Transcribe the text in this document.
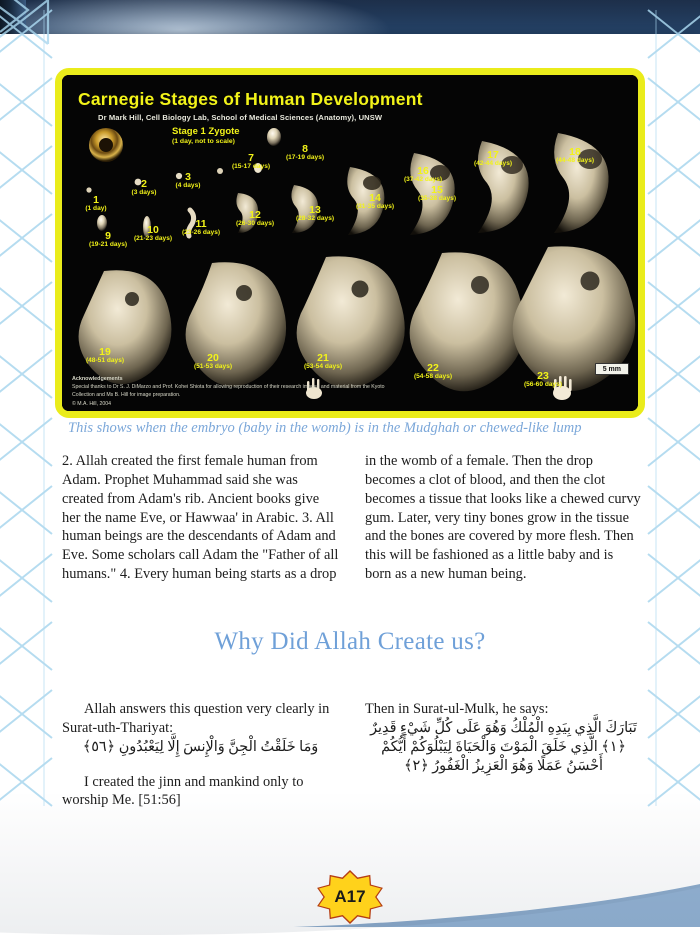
Carnegie Stages of Human Development
Dr Mark Hill, Cell Biology Lab, School of Medical Sciences (Anatomy), UNSW
Stage 1 Zygote
(1 day, not to scale)
1
(1 day)
2
(3 days)
3
(4 days)
7
(15-17 days)
8
(17-19 days)
16
(37-42 days)
17
(42-44 days)
18
(44-48 days)
9
(19-21 days)
10
(21-23 days)
11
(23-26 days)
12
(26-30 days)
13
(28-32 days)
14
(31-35 days)
15
(35-38 days)
19
(48-51 days)	20
(51-53 days)
21
(53-54 days)	22
(54-58 days)	23
(56-60 days)
Acknowledgements
Special thanks to Dr S. J. DiMarzo and Prof. Kohei Shiota for allowing reproduction of their research images and material from the Kyoto Collection and Ms B. Hill for image preparation.
© M.A. Hill, 2004
5 mm
This shows when the embryo (baby in the womb) is in the Mudghah or chewed-like lump

2. Allah created the first female human from Adam. Prophet Muhammad said she was created from Adam's rib. Ancient books give her the name Eve, or Hawwaa' in Arabic. 3. All human beings are the descendants of Adam and Eve. Some scholars call Adam the "Father of all humans." 4. Every human being starts as a drop

in the womb of a female. Then the drop becomes a clot of blood, and then the clot becomes a tissue that looks like a chewed curvy gum. Later, very tiny bones grow in the tissue and the bones are covered by more flesh. Then this will be fashioned as a little baby and is born as a new human being.

Why Did Allah Create us?

Allah answers this question very clearly in Surat-uth-Thariyat:

وَمَا خَلَقْتُ الْجِنَّ وَالْإِنسَ إِلَّا لِيَعْبُدُونِ ﴿٥٦﴾

I created the jinn and mankind only to worship Me. [51:56]

Then in Surat-ul-Mulk, he says:

تَبَارَكَ الَّذِي بِيَدِهِ الْمُلْكُ وَهُوَ عَلَى كُلِّ شَيْءٍ قَدِيرٌ ﴿١﴾ الَّذِي خَلَقَ الْمَوْتَ وَالْحَيَاةَ لِيَبْلُوَكُمْ أَيُّكُمْ أَحْسَنُ عَمَلًا وَهُوَ الْعَزِيزُ الْغَفُورُ ﴿٢﴾

A17
